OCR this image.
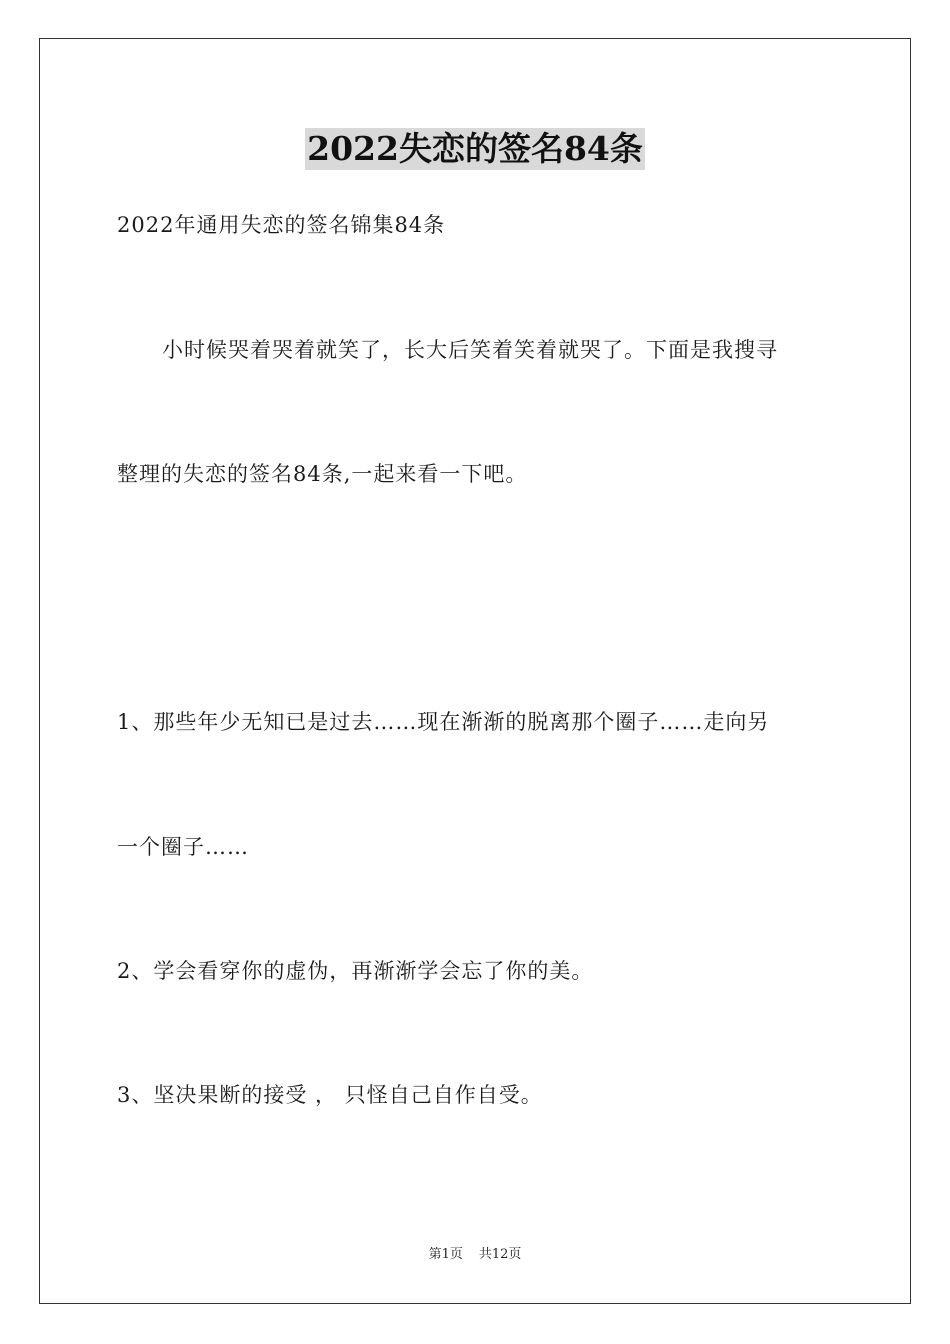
2022失恋的签名84条
2022年通用失恋的签名锦集84条
小时候哭着哭着就笑了，长大后笑着笑着就哭了。下面是我搜寻
整理的失恋的签名84条,一起来看一下吧。
1、那些年少无知已是过去……现在渐渐的脱离那个圈子……走向另
一个圈子……
2、学会看穿你的虚伪，再渐渐学会忘了你的美。
3、坚决果断的接受 ， 只怪自己自作自受。
第1页 共12页
